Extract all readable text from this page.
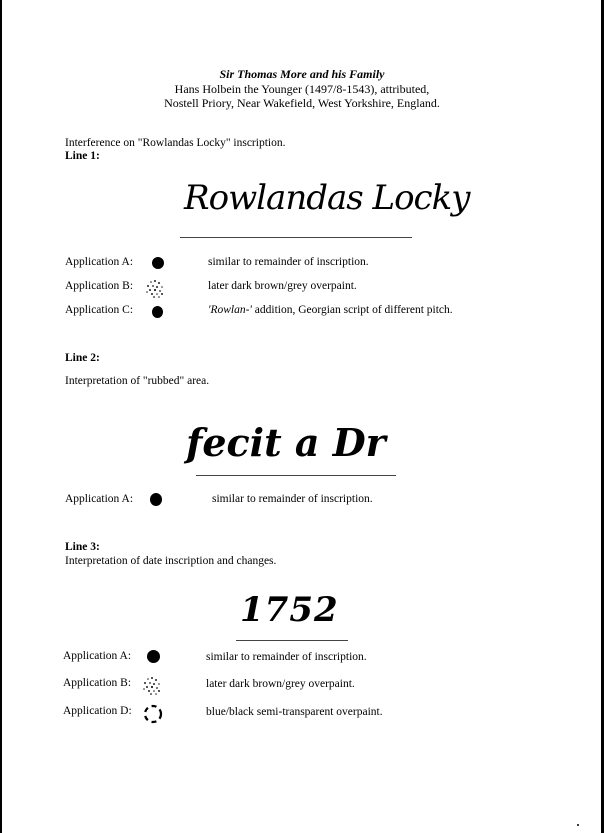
Sir Thomas More and his Family
Hans Holbein the Younger (1497/8-1543), attributed,
Nostell Priory, Near Wakefield, West Yorkshire, England.
Interference on "Rowlandas Locky" inscription.
Line 1:
Rowlandas Locky
Application A:	similar to remainder of inscription.
Application B:	later dark brown/grey overpaint.
Application C:	'Rowlan-' addition, Georgian script of different pitch.
Line 2:
Interpretation of "rubbed" area.
fecit a Dr
Application A:	similar to remainder of inscription.
Line 3:
Interpretation of date inscription and changes.
1752
Application A:	similar to remainder of inscription.
Application B:	later dark brown/grey overpaint.
Application D:	blue/black semi-transparent overpaint.
